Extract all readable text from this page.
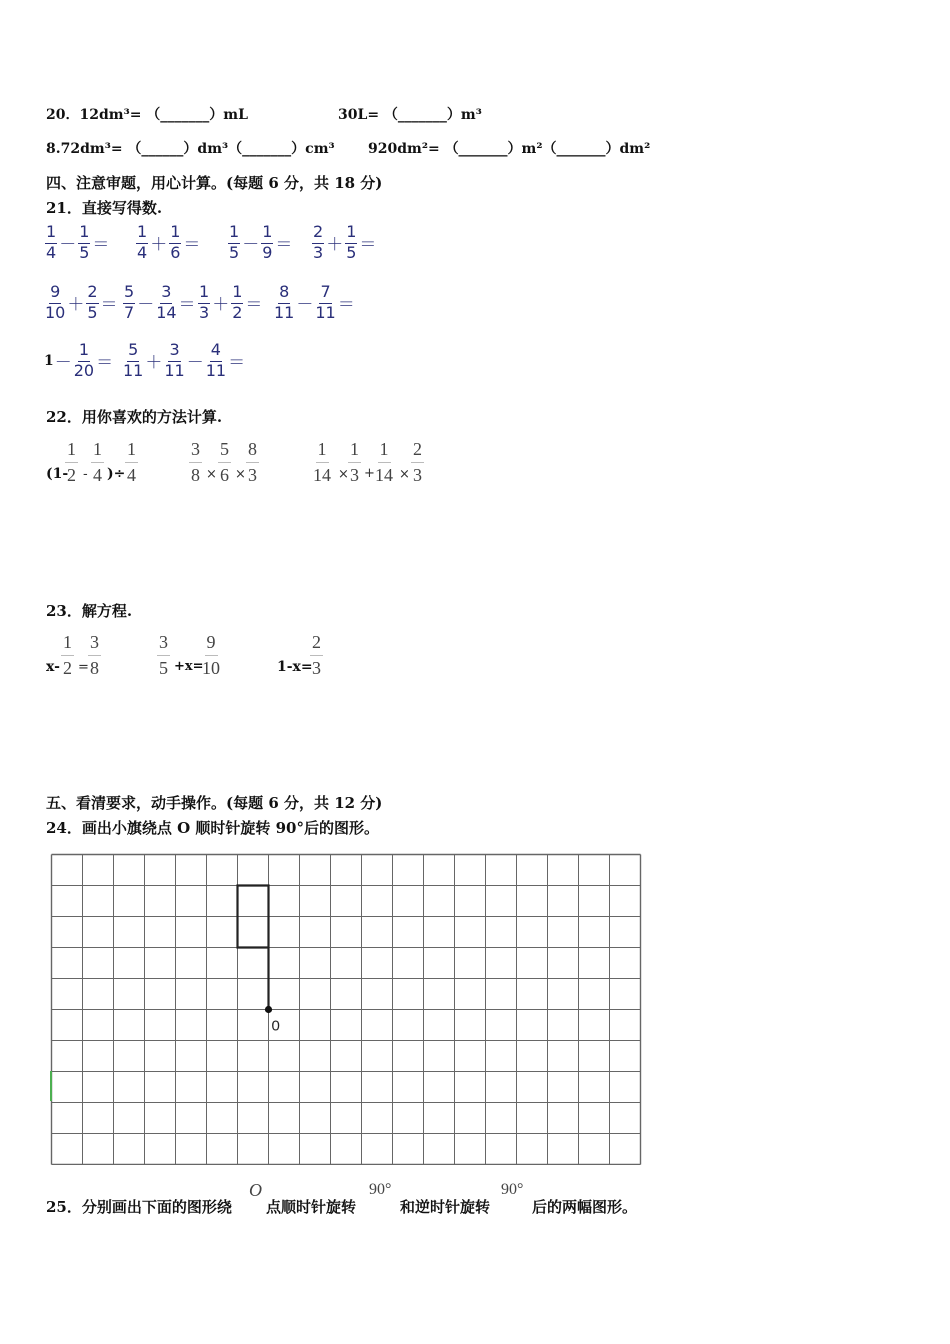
20．12dm³= （_______）mL	30L= （_______）m³
8.72dm³= （______）dm³（_______）cm³ 920dm²= （_______）m²（_______）dm²
四、注意审题，用心计算。(每题 6 分，共 18 分)
21．直接写得数.
$\frac{1}{4} - \frac{1}{5} = \frac{1}{4} + \frac{1}{6} = \frac{1}{5} - \frac{1}{9} = \frac{2}{3} + \frac{1}{5}$ ＝
$\frac{9}{10} + \frac{2}{5} = \frac{5}{7} - \frac{3}{14} = \frac{1}{3} + \frac{1}{2} = \frac{8}{11} - \frac{7}{11}$ ＝
$1 - \frac{1}{20} = \frac{5}{11} + \frac{3}{11} - \frac{4}{11}$ ＝
22．用你喜欢的方法计算.
(1-
1
2 -
1
4 )÷
1
4
3
8 ×
5
6 ×
8
3
1
14 ×
1
3 +
1
14 ×
2
3
23．解方程.
x-
1
2 =
3
8
3
5 +x=
9
10	1-x=
2
3
五、看清要求，动手操作。(每题 6 分，共 12 分)
24．画出小旗绕点 O 顺时针旋转 90°后的图形。
0
25．分别画出下面的图形绕
O
点顺时针旋转
90°
和逆时针旋转
90°
后的两幅图形。
